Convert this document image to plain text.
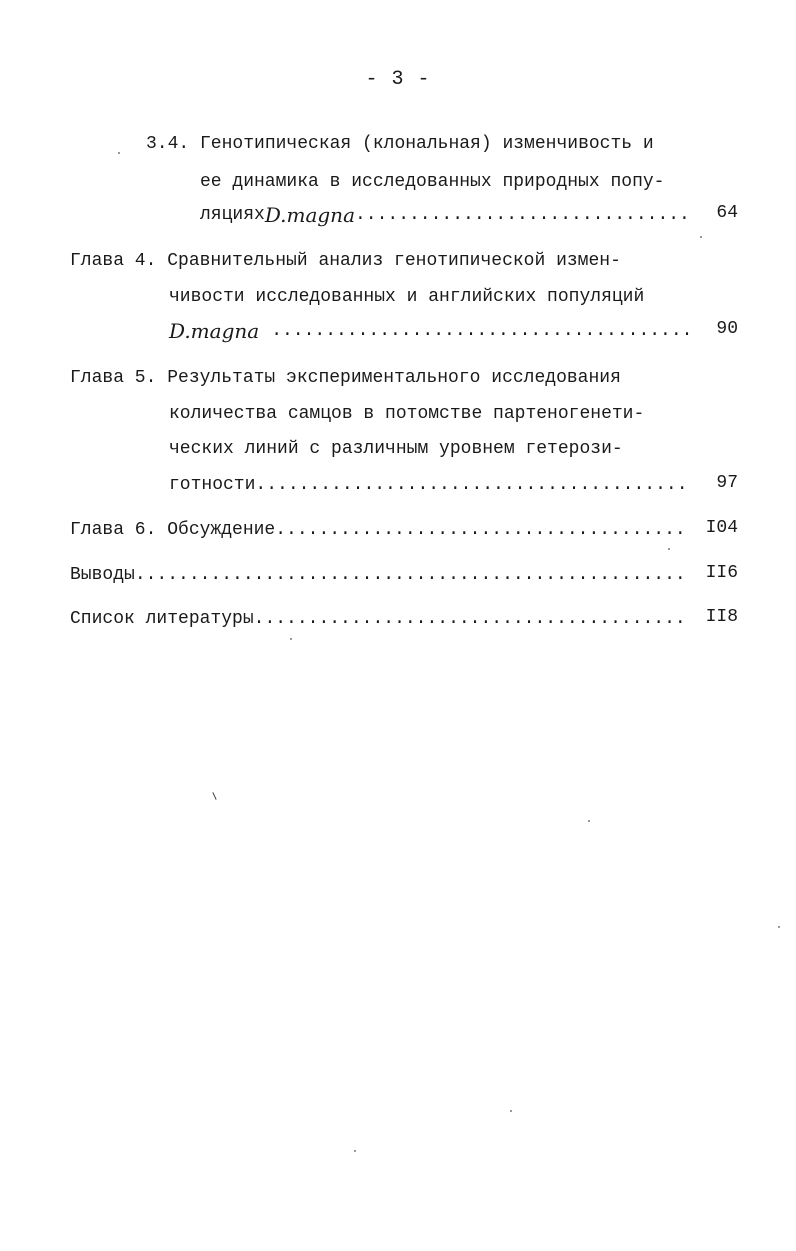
- 3 -
3.4. Генотипическая (клональная) изменчивость и
ее динамика в исследованных природных попу-
ляциях D.magna .....	64
Глава 4. Сравнительный анализ генотипической измен-
чивости исследованных и английских популяций
D.magna .....	90
Глава 5. Результаты экспериментального исследования
количества самцов в потомстве партеногенети-
ческих линий с различным уровнем гетерози-
готности .....	97
Глава 6. Обсуждение .....	I04
Выводы .....	II6
Список литературы .....	II8
